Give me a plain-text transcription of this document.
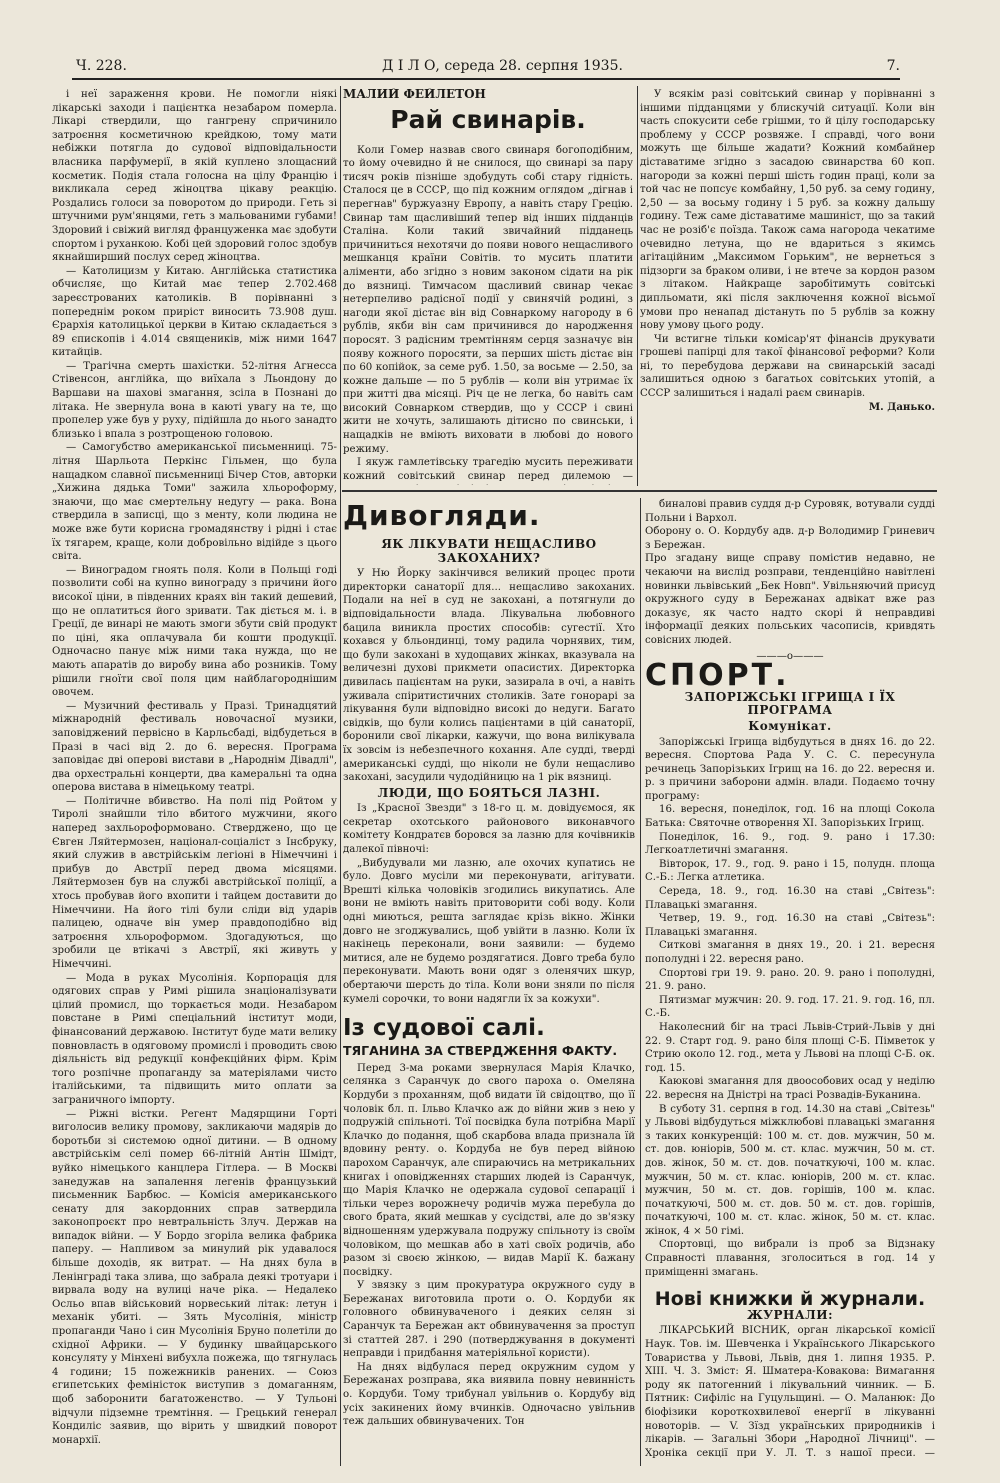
Ч. 228.	Д І Л О, середа 28. серпня 1935.	7.

і неї зараження крови. Не помогли ніякі лікарські заходи і пацієнтка незабаром померла. Лікарі ствердили, що гангрену спричинило затроєння косметичною крейдкою, тому мати небіжки потягла до судової відповідальности власника парфумерії, в якій куплено злощасний косметик. Подія стала голосна на цілу Францію і викликала серед жіноцтва цікаву реакцію. Роздались голоси за поворотом до природи. Геть зі штучними рум'янцями, геть з мальованими губами! Здоровий і свіжий вигляд француженка має здобути спортом і руханкою. Кобі цей здоровий голос здобув якнайширший послух серед жіноцтва.

— Католицизм у Китаю. Англійська статистика обчисляє, що Китай має тепер 2.702.468 зареєстрованих католиків. В порівнанні з попереднім роком приріст виносить 73.908 душ. Єрархія католицької церкви в Китаю складається з 89 єпископів і 4.014 священиків, між ними 1647 китайців.

— Трагічна смерть шахістки. 52-літня Агнесса Стівенсон, англійка, що виїхала з Льондону до Варшави на шахові змагання, зсіла в Познані до літака. Не звернула вона в каюті увагу на те, що пропелер уже був у руху, підійшла до нього занадто близько і впала з розтрощеною головою.

— Самогубство американської письменниці. 75-літня Шарльота Перкінс Гільмен, що була нащадком славної письменниці Бічер Стов, авторки „Хижина дядька Томи" зажила хльороформу, знаючи, що має смертельну недугу — рака. Вона ствердила в записці, що з менту, коли людина не може вже бути корисна громадянству і рідні і стає їх тягарем, краще, коли добровільно відійде з цього світа.

— Виноградом гноять поля. Коли в Польщі годі позволити собі на купно винограду з причини його високої ціни, в південних краях він такий дешевий, що не оплатиться його зривати. Так діється м. і. в Греції, де винарі не мають змоги збути свій продукт по ціні, яка оплачувала би кошти продукції. Одночасно панує між ними така нужда, що не мають апаратів до виробу вина або розників. Тому рішили гноїти свої поля цим найблагороднішим овочем.

— Музичний фестиваль у Празі. Тринадцятий міжнародній фестиваль новочасної музики, заповіджений первісно в Карльсбаді, відбудеться в Празі в часі від 2. до 6. вересня. Програма заповідає дві оперові вистави в „Народнім Дівадлі", два орхестральні концерти, два камеральні та одна оперова вистава в німецькому театрі.

— Політичне вбивство. На полі під Ройтом у Тиролі знайшли тіло вбитого мужчини, якого наперед захльороформовано. Стверджено, що це Євген Ляйтермозен, націонал-соціаліст з Інсбруку, який служив в австрійськім легіоні в Німеччині і прибув до Австрії перед двома місяцями. Ляйтермозен був на службі австрійської поліції, а хтось пробував його вхопити і тайцем доставити до Німеччини. На його тілі були сліди від ударів палицею, одначе він умер правдоподібно від затроєння хльороформом. Здогадуються, що зробили це втікачі з Австрії, які живуть у Німеччині.

— Мода в руках Мусолінія. Корпорація для одягових справ у Римі рішила знаціоналізувати цілий промисл, що торкається моди. Незабаром повстане в Римі спеціальний інститут моди, фінансований державою. Інститут буде мати велику повновласть в одяговому промислі і проводить свою діяльність від редукції конфекційних фірм. Крім того розпічне пропаганду за матеріялами чисто італійськими, та підвищить мито оплати за заграничного імпорту.

— Ріжні вістки. Регент Мадярщини Горті виголосив велику промову, закликаючи мадярів до боротьби зі системою одної дитини. — В одному австрійськім селі помер 66-літній Антін Шмідт, вуйко німецького канцлера Гітлера. — В Москві занедужав на запалення легенів французький письменник Барбюс. — Комісія американського сенату для закордонних справ затвердила законопроєкт про невтральність Злуч. Держав на випадок війни. — У Бордо згоріла велика фабрика паперу. — Напливом за минулий рік удавалося більше доходів, як витрат. — На днях була в Ленінграді така злива, що забрала деякі тротуари і вирвала воду на вулиці наче ріка. — Недалеко Осльо впав військовий норвеський літак: летун і механік убиті. — Зять Мусолінія, міністр пропаганди Чано і син Мусолінія Бруно полетіли до східної Африки. — У будинку швайцарського консуляту у Мінхені вибухла пожежа, що тягнулась 4 години; 15 пожежників ранених. — Союз єгипетських феміністок виступив з домаганням, щоб заборонити багатоженство. — У Тульоні відчули підземне тремтіння. — Грецький генерал Кондиліс заявив, що вірить у швидкий поворот монархії.

МАЛИЙ ФЕЙЛЕТОН

Рай свинарів.

Коли Гомер назвав свого свинаря богоподібним, то йому очевидно й не снилося, що свинарі за пару тисяч років пізніше здобудуть собі стару гідність. Сталося це в СССР, що під кожним оглядом „дігнав і перегнав" буржуазну Европу, а навіть стару Грецію. Свинар там щасливіший тепер від інших підданців Сталіна. Коли такий звичайний підданець причиниться нехотячи до появи нового нещасливого мешканця країни Совітів. то мусить платити аліменти, або згідно з новим законом сідати на рік до вязниці. Тимчасом щасливий свинар чекає нетерпеливо радісної події у свинячій родині, з нагоди якої дістає він від Совнаркому нагороду в 6 рублів, якби він сам причинився до народження поросят. З радісним тремтінням серця зазначує він появу кожного поросяти, за перших шість дістає він по 60 копійок, за семе руб. 1.50, за восьме — 2.50, за кожне дальше — по 5 рублів — коли він утримає їх при житті два місяці. Річ це не легка, бо навіть сам високий Совнарком ствердив, що у СССР і свині жити не хочуть, залишають дітисно по свинськи, і нащадків не вміють виховати в любові до нового режиму.

І якуж гамлетівську трагедію мусить переживати кожний совітський свинар перед дилемою —

У всякім разі совітський свинар у порівнанні з іншими підданцями у блискучій ситуації. Коли він часть спокусити себе грішми, то й цілу господарську проблему у СССР розвяже. І справді, чого вони можуть ще більше жадати? Кожний комбайнер діставатиме згідно з засадою свинарства 60 коп. нагороди за кожні перші шість годин праці, коли за той час не попсує комбайну, 1,50 руб. за сему годину, 2,50 — за восьму годину і 5 руб. за кожну дальшу годину. Теж саме діставатиме машиніст, що за такий час не розіб'є поїзда. Також сама нагорода чекатиме очевидно летуна, що не вдариться з якимсь агітаційним „Максимом Горьким", не вернеться з підзорги за браком оливи, і не втече за кордон разом з літаком. Найкраще заробітимуть совітські дипльомати, які після заключення кожної вісьмої умови про ненапад дістануть по 5 рублів за кожну нову умову цього роду.

Чи встигне тільки комісар'ят фінансів друкувати грошеві папірці для такої фінансової реформи? Коли ні, то перебудова держави на свинарській засаді залишиться одною з багатьох совітських утопій, а СССР залишиться і надалі раєм свинарів.

М. Данько.

Дивогляди.

ЯК ЛІКУВАТИ НЕЩАСЛИВО ЗАКОХАНИХ?

У Ню Йорку закінчився великий процес проти директорки санаторії для... нещасливо закоханих. Подали на неї в суд не закохані, а потягнули до відповідальности влада. Лікувальна любовного бацила виникла простих способів: сугестії. Хто кохався у бльондинці, тому радила чорнявих, тим, що були закохані в худощавих жінках, вказувала на величезні духові прикмети опасистих. Директорка дивилась пацієнтам на руки, зазирала в очі, а навіть уживала спіритистичних столиків. Зате гонорарі за лікування були відповідно високі до недуги. Багато свідків, що були колись пацієнтами в цій санаторії, боронили свої лікарки, кажучи, що вона вилікувала їх зовсім із небезпечного кохання. Але судді, тверді американські судді, що ніколи не були нещасливо закохані, засудили чудодійницю на 1 рік вязниці.

ЛЮДИ, ЩО БОЯТЬСЯ ЛАЗНІ.

Із „Красної Звезди" з 18-го ц. м. довідуємося, як секретар охотського районового виконавчого комітету Кондратєв боровся за лазню для кочівників далекої півночі:

„Вибудували ми лазню, але охочих купатись не було. Довго мусіли ми переконувати, агітувати. Врешті кілька чоловіків згодились викупатись. Але вони не вміють навіть притоворити собі воду. Коли одні миються, решта заглядає крізь вікно. Жінки довго не згоджувались, щоб увійти в лазню. Коли їх накінець переконали, вони заявили: — будемо митися, але не будемо роздягатися. Довго треба було переконувати. Мають вони одяг з оленячих шкур, обертаючи шерсть до тіла. Коли вони зняли по після кумелі сорочки, то вони надягли їх за кожухи".

Із судової салі.

ТЯГАНИНА ЗА СТВЕРДЖЕННЯ ФАКТУ.

Перед 3-ма роками звернулася Марія Клачко, селянка з Саранчук до свого пароха о. Омеляна Кордуби з проханням, щоб видати їй свідоцтво, що її чоловік бл. п. Ільво Клачко аж до війни жив з нею у подружій спільноті. Тої посвідка була потрібна Марії Клачко до подання, щоб скарбова влада признала їй вдовину ренту. о. Кордуба не був перед війною парохом Саранчук, але спираючись на метрикальних книгах і оповідженнях старших людей із Саранчук, що Марія Клачко не одержала судової сепарації і тільки через ворожнечу родичів мужа перебула до свого брата, який мешкав у сусідстві, але до зв'язку відношенням удержувала подружу спільноту із своїм чоловіком, що мешкав або в хаті своїх родичів, або разом зі своєю жінкою, — видав Марії К. бажану посвідку.

У звязку з цим прокуратура окружного суду в Бережанах виготовила проти о. О. Кордуби як головного обвинуваченого і деяких селян зі Саранчук та Бережан акт обвинувачення за проступ зі статтей 287. і 290 (потверджування в документі неправди і придбання матеріяльної користи).

На днях відбулася перед окружним судом у Бережанах розправа, яка виявила повну невинність о. Кордуби. Тому трибунал увільнив о. Кордубу від усіх закинених йому вчинків. Одночасно увільнив теж дальших обвинувачених. Тон

биналові правив суддя д-р Суровяк, вотували судді Польни і Вархол.
Оборону о. О. Кордубу адв. д-р Володимир Гриневич з Бережан.
Про згадану вище справу помістив недавно, не чекаючи на вислід розправи, тенденційно навітлені новинки львівський „Бек Новп". Увільняючий присуд окружного суду в Бережанах адвікат вже раз доказує, як часто надто скорі й неправдиві інформації деяких польських часописів, кривдять совісних людей.

———o———

СПОРТ.

ЗАПОРІЖСЬКІ ІГРИЩА І ЇХ ПРОГРАМА

Комунікат.

Запоріжські Ігрища відбудуться в днях 16. до 22. вересня. Спортова Рада У. С. С. пересунула речинець Запорізьких Ігрищ на 16. до 22. вересня и. р. з причини заборони адмін. влади. Подаємо точну програму:

16. вересня, понеділок, год. 16 на площі Сокола Батька: Святочне отворення XI. Запорізьких Ігрищ.

Понеділок, 16. 9., год. 9. рано і 17.30: Легкоатлетичні змагання.

Вівторок, 17. 9., год. 9. рано і 15, полудн. площа С.-Б.: Легка атлетика.

Середа, 18. 9., год. 16.30 на ставі „Світезь": Плавацькі змагання.

Четвер, 19. 9., год. 16.30 на ставі „Світезь": Плавацькі змагання.

Ситкові змагання в днях 19., 20. і 21. вересня пополудні і 22. вересня рано.

Спортові гри 19. 9. рано. 20. 9. рано і пополудні, 21. 9. рано.

Пятизмаг мужчин: 20. 9. год. 17. 21. 9. год. 16, пл. С.-Б.

Наколесний біг на трасі Львів-Стрий-Львів у дні 22. 9. Старт год. 9. рано біля площі С-Б. Пімветок у Стрию около 12. год., мета у Львові на площі С-Б. ок. год. 15.

Каюкові змагання для двоособових осад у неділю 22. вересня на Дністрі на трасі Розвадів-Буканина.

В суботу 31. серпня в год. 14.30 на ставі „Світезь" у Львові відбудуться міжклюбові плавацькі змагання з таких конкуренцій: 100 м. ст. дов. мужчин, 50 м. ст. дов. юніорів, 500 м. ст. клас. мужчин, 50 м. ст. дов. жінок, 50 м. ст. дов. початкуючі, 100 м. клас. мужчин, 50 м. ст. клас. юніорів, 200 м. ст. клас. мужчин, 50 м. ст. дов. горішів, 100 м. клас. початкуючі, 500 м. ст. дов. 50 м. ст. дов. горішів, початкуючі, 100 м. ст. клас. жінок, 50 м. ст. клас. жінок, 4 × 50 гімі.

Спортовці, що вибрали із проб за Відзнаку Справності плавання, зголоситься в год. 14 у приміщенні змагань.

Нові книжки й журнали.

ЖУРНАЛИ:

ЛІКАРСЬКИЙ ВІСНИК, орган лікарської комісії Наук. Тов. ім. Шевченка і Українського Лікарського Товариства у Львові, Львів, дня 1. липня 1935. Р. XIII. Ч. 3. Зміст: Я. Шматера-Ковакова: Вимагання роду як патогенний і лікувальний чинник. — Б. Пятник: Сифіліс на Гуцульщині. — О. Маланюк: До біофізики короткохвилевої енергії в лікуванні новоторів. — V. Зїзд українських природників і лікарів. — Загальні Збори „Народної Лічниці". — Хроніка секції при У. Л. Т. з нашої преси. —
